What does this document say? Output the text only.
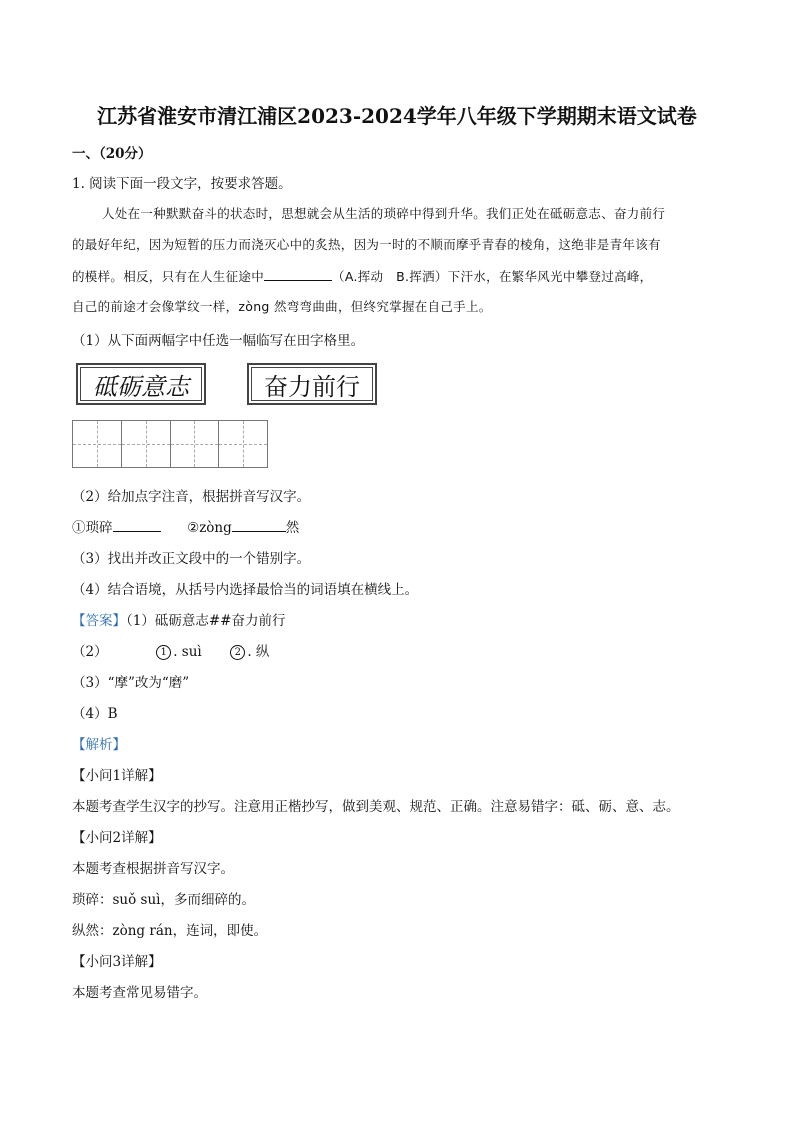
江苏省淮安市清江浦区2023-2024学年八年级下学期期末语文试卷
一、（20分）
1. 阅读下面一段文字，按要求答题。
人处在一种默默奋斗的状态时，思想就会从生活的琐碎中得到升华。我们正处在砥砺意志、奋力前行
的最好年纪，因为短暂的压力而浇灭心中的炙热，因为一时的不顺而摩乎青春的棱角，这绝非是青年该有
的模样。相反，只有在人生征途中	（A.挥动　B.挥洒）下汗水，在繁华风光中攀登过高峰，
自己的前途才会像掌纹一样，zòng 然弯弯曲曲，但终究掌握在自己手上。
（1）从下面两幅字中任选一幅临写在田字格里。
砥砺意志	奋力前行
（2）给加点字注音，根据拼音写汉字。
①琐碎	②zòng	然
（3）找出并改正文段中的一个错别字。
（4）结合语境，从括号内选择最恰当的词语填在横线上。
【答案】（1）砥砺意志##奋力前行
（2）	1 . suì	2 . 纵
（3）“摩”改为“磨”
（4）B
【解析】
【小问1详解】
本题考查学生汉字的抄写。注意用正楷抄写，做到美观、规范、正确。注意易错字：砥、砺、意、志。
【小问2详解】
本题考查根据拼音写汉字。
琐碎：suǒ suì，多而细碎的。
纵然：zòng rán，连词，即使。
【小问3详解】
本题考查常见易错字。
